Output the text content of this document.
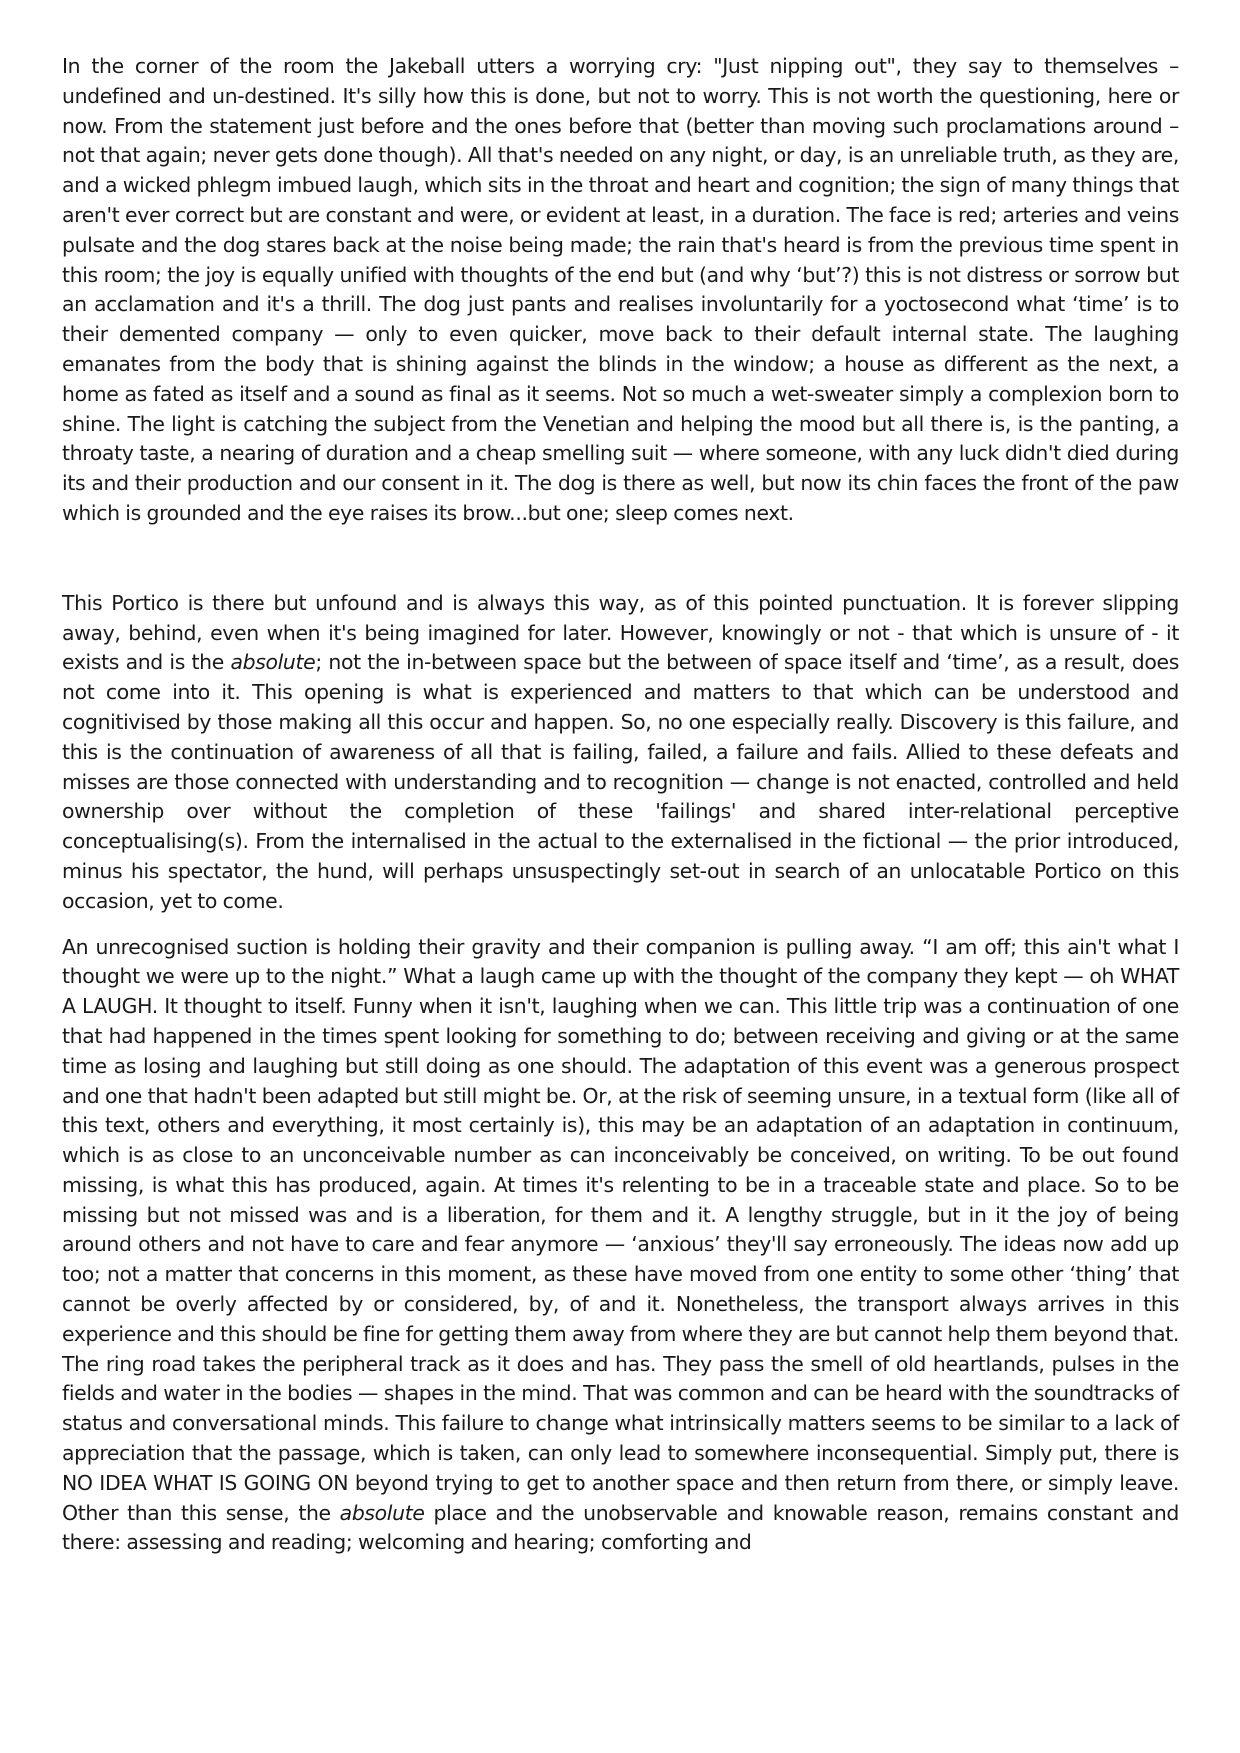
In the corner of the room the Jakeball utters a worrying cry: "Just nipping out", they say to themselves – undefined and un-destined. It's silly how this is done, but not to worry. This is not worth the questioning, here or now. From the statement just before and the ones before that (better than moving such proclamations around – not that again; never gets done though). All that's needed on any night, or day, is an unreliable truth, as they are, and a wicked phlegm imbued laugh, which sits in the throat and heart and cognition; the sign of many things that aren't ever correct but are constant and were, or evident at least, in a duration. The face is red; arteries and veins pulsate and the dog stares back at the noise being made; the rain that's heard is from the previous time spent in this room; the joy is equally unified with thoughts of the end but (and why ‘but’?) this is not distress or sorrow but an acclamation and it's a thrill. The dog just pants and realises involuntarily for a yoctosecond what ‘time’ is to their demented company — only to even quicker, move back to their default internal state. The laughing emanates from the body that is shining against the blinds in the window; a house as different as the next, a home as fated as itself and a sound as final as it seems. Not so much a wet-sweater simply a complexion born to shine. The light is catching the subject from the Venetian and helping the mood but all there is, is the panting, a throaty taste, a nearing of duration and a cheap smelling suit — where someone, with any luck didn't died during its and their production and our consent in it. The dog is there as well, but now its chin faces the front of the paw which is grounded and the eye raises its brow...but one; sleep comes next.

This Portico is there but unfound and is always this way, as of this pointed punctuation. It is forever slipping away, behind, even when it's being imagined for later. However, knowingly or not - that which is unsure of - it exists and is the absolute; not the in-between space but the between of space itself and ‘time’, as a result, does not come into it. This opening is what is experienced and matters to that which can be understood and cognitivised by those making all this occur and happen. So, no one especially really. Discovery is this failure, and this is the continuation of awareness of all that is failing, failed, a failure and fails. Allied to these defeats and misses are those connected with understanding and to recognition — change is not enacted, controlled and held ownership over without the completion of these 'failings' and shared inter-relational perceptive conceptualising(s). From the internalised in the actual to the externalised in the fictional — the prior introduced, minus his spectator, the hund, will perhaps unsuspectingly set-out in search of an unlocatable Portico on this occasion, yet to come.

An unrecognised suction is holding their gravity and their companion is pulling away. “I am off; this ain't what I thought we were up to the night.” What a laugh came up with the thought of the company they kept — oh WHAT A LAUGH. It thought to itself. Funny when it isn't, laughing when we can. This little trip was a continuation of one that had happened in the times spent looking for something to do; between receiving and giving or at the same time as losing and laughing but still doing as one should. The adaptation of this event was a generous prospect and one that hadn't been adapted but still might be. Or, at the risk of seeming unsure, in a textual form (like all of this text, others and everything, it most certainly is), this may be an adaptation of an adaptation in continuum, which is as close to an unconceivable number as can inconceivably be conceived, on writing. To be out found missing, is what this has produced, again. At times it's relenting to be in a traceable state and place. So to be missing but not missed was and is a liberation, for them and it. A lengthy struggle, but in it the joy of being around others and not have to care and fear anymore — ‘anxious’ they'll say erroneously. The ideas now add up too; not a matter that concerns in this moment, as these have moved from one entity to some other ‘thing’ that cannot be overly affected by or considered, by, of and it. Nonetheless, the transport always arrives in this experience and this should be fine for getting them away from where they are but cannot help them beyond that. The ring road takes the peripheral track as it does and has. They pass the smell of old heartlands, pulses in the fields and water in the bodies — shapes in the mind. That was common and can be heard with the soundtracks of status and conversational minds. This failure to change what intrinsically matters seems to be similar to a lack of appreciation that the passage, which is taken, can only lead to somewhere inconsequential. Simply put, there is NO IDEA WHAT IS GOING ON beyond trying to get to another space and then return from there, or simply leave. Other than this sense, the absolute place and the unobservable and knowable reason, remains constant and there: assessing and reading; welcoming and hearing; comforting and
